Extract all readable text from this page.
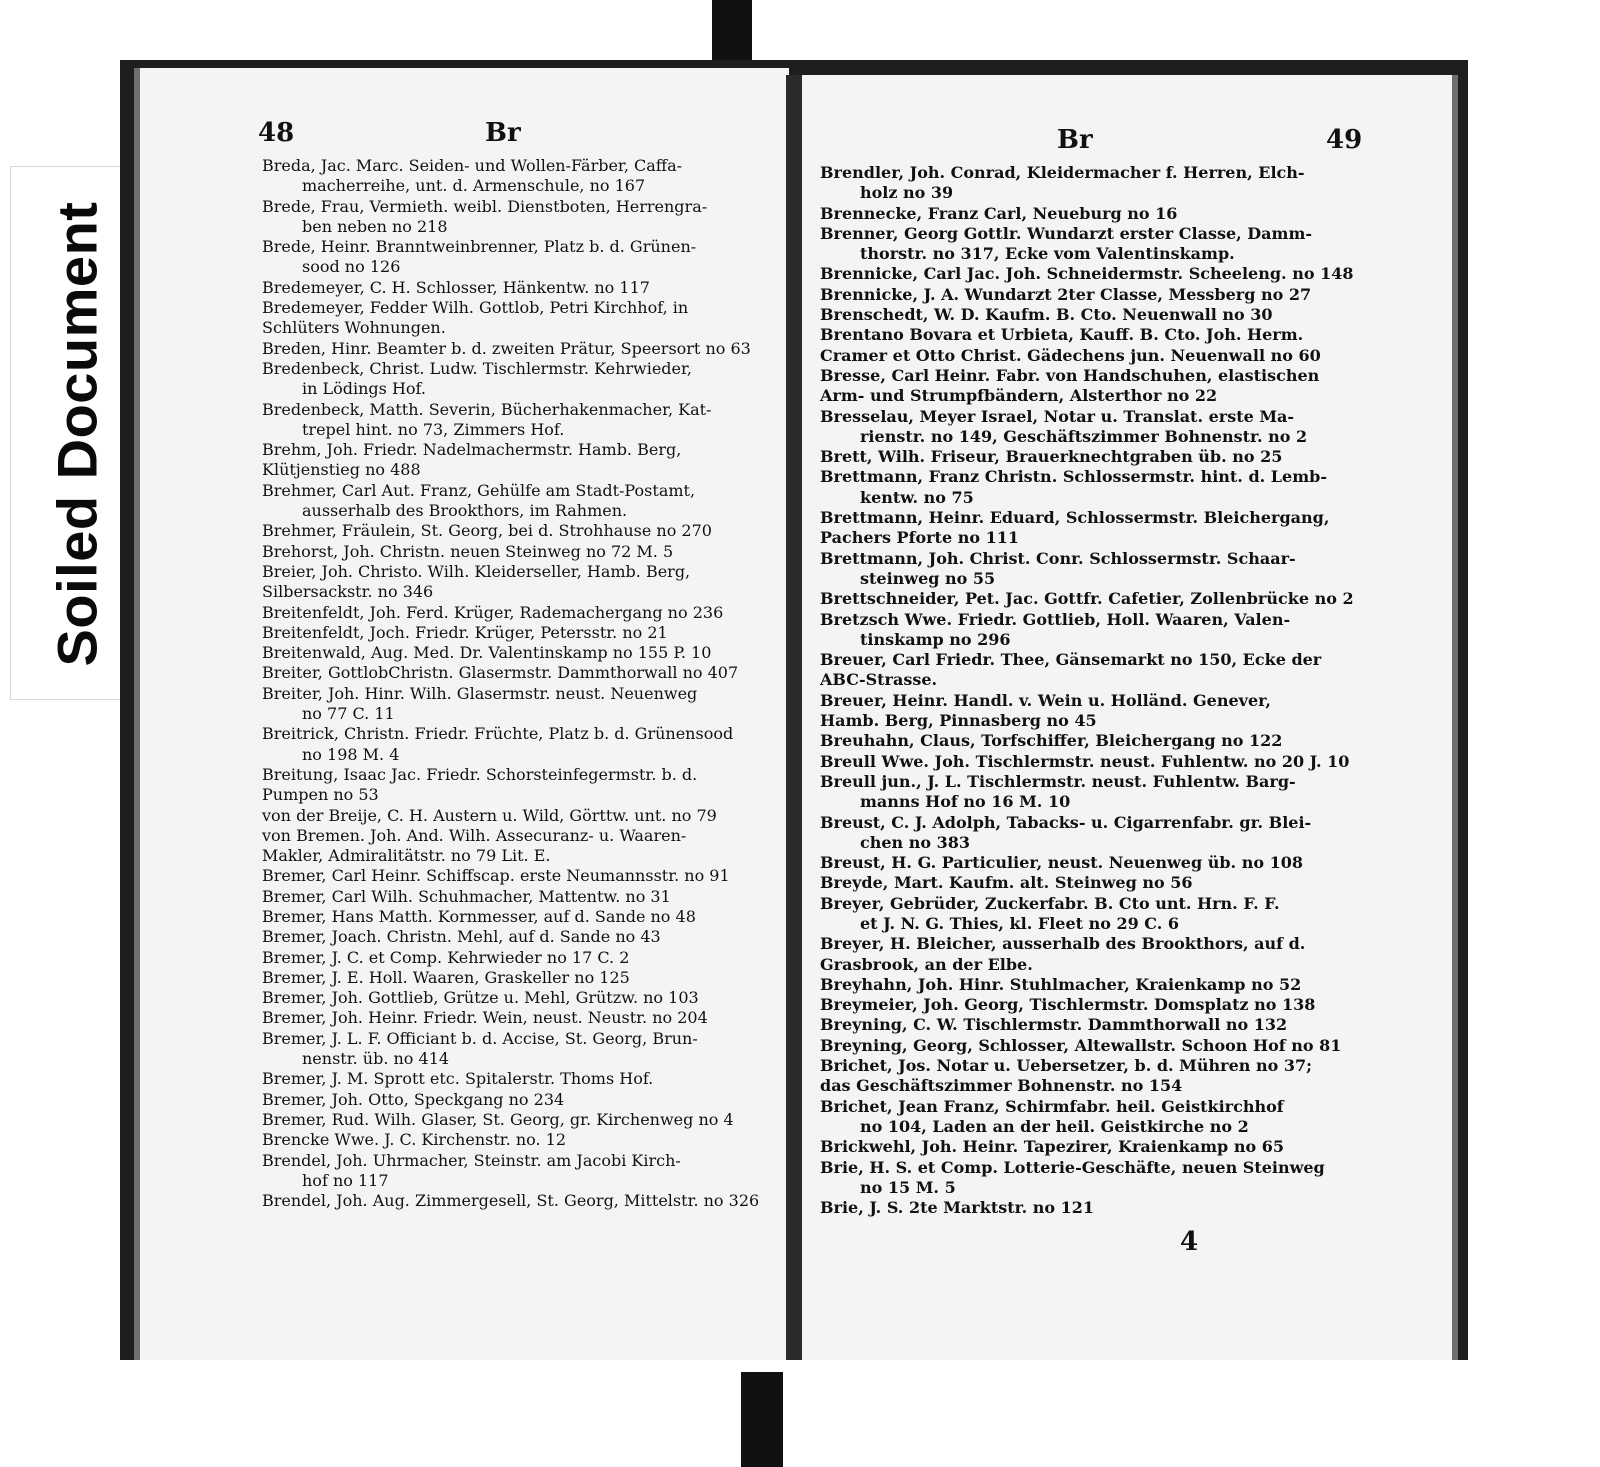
Soiled Document
48	Br
Breda, Jac. Marc. Seiden- und Wollen-Färber, Caffa-
macherreihe, unt. d. Armenschule, no 167
Brede, Frau, Vermieth. weibl. Dienstboten, Herrengra-
ben neben no 218
Brede, Heinr. Branntweinbrenner, Platz b. d. Grünen-
sood no 126
Bredemeyer, C. H. Schlosser, Hänkentw. no 117
Bredemeyer, Fedder Wilh. Gottlob, Petri Kirchhof, in
Schlüters Wohnungen.
Breden, Hinr. Beamter b. d. zweiten Prätur, Speersort no 63
Bredenbeck, Christ. Ludw. Tischlermstr. Kehrwieder,
in Lödings Hof.
Bredenbeck, Matth. Severin, Bücherhakenmacher, Kat-
trepel hint. no 73, Zimmers Hof.
Brehm, Joh. Friedr. Nadelmachermstr. Hamb. Berg,
Klütjenstieg no 488
Brehmer, Carl Aut. Franz, Gehülfe am Stadt-Postamt,
ausserhalb des Brookthors, im Rahmen.
Brehmer, Fräulein, St. Georg, bei d. Strohhause no 270
Brehorst, Joh. Christn. neuen Steinweg no 72 M. 5
Breier, Joh. Christo. Wilh. Kleiderseller, Hamb. Berg,
Silbersackstr. no 346
Breitenfeldt, Joh. Ferd. Krüger, Rademachergang no 236
Breitenfeldt, Joch. Friedr. Krüger, Petersstr. no 21
Breitenwald, Aug. Med. Dr. Valentinskamp no 155 P. 10
Breiter, GottlobChristn. Glasermstr. Dammthorwall no 407
Breiter, Joh. Hinr. Wilh. Glasermstr. neust. Neuenweg
no 77 C. 11
Breitrick, Christn. Friedr. Früchte, Platz b. d. Grünensood
no 198 M. 4
Breitung, Isaac Jac. Friedr. Schorsteinfegermstr. b. d.
Pumpen no 53
von der Breije, C. H. Austern u. Wild, Görttw. unt. no 79
von Bremen. Joh. And. Wilh. Assecuranz- u. Waaren-
Makler, Admiralitätstr. no 79 Lit. E.
Bremer, Carl Heinr. Schiffscap. erste Neumannsstr. no 91
Bremer, Carl Wilh. Schuhmacher, Mattentw. no 31
Bremer, Hans Matth. Kornmesser, auf d. Sande no 48
Bremer, Joach. Christn. Mehl, auf d. Sande no 43
Bremer, J. C. et Comp. Kehrwieder no 17 C. 2
Bremer, J. E. Holl. Waaren, Graskeller no 125
Bremer, Joh. Gottlieb, Grütze u. Mehl, Grützw. no 103
Bremer, Joh. Heinr. Friedr. Wein, neust. Neustr. no 204
Bremer, J. L. F. Officiant b. d. Accise, St. Georg, Brun-
nenstr. üb. no 414
Bremer, J. M. Sprott etc. Spitalerstr. Thoms Hof.
Bremer, Joh. Otto, Speckgang no 234
Bremer, Rud. Wilh. Glaser, St. Georg, gr. Kirchenweg no 4
Brencke Wwe. J. C. Kirchenstr. no. 12
Brendel, Joh. Uhrmacher, Steinstr. am Jacobi Kirch-
hof no 117
Brendel, Joh. Aug. Zimmergesell, St. Georg, Mittelstr. no 326
Br	49
Brendler, Joh. Conrad, Kleidermacher f. Herren, Elch-
holz no 39
Brennecke, Franz Carl, Neueburg no 16
Brenner, Georg Gottlr. Wundarzt erster Classe, Damm-
thorstr. no 317, Ecke vom Valentinskamp.
Brennicke, Carl Jac. Joh. Schneidermstr. Scheeleng. no 148
Brennicke, J. A. Wundarzt 2ter Classe, Messberg no 27
Brenschedt, W. D. Kaufm. B. Cto. Neuenwall no 30
Brentano Bovara et Urbieta, Kauff. B. Cto. Joh. Herm.
Cramer et Otto Christ. Gädechens jun. Neuenwall no 60
Bresse, Carl Heinr. Fabr. von Handschuhen, elastischen
Arm- und Strumpfbändern, Alsterthor no 22
Bresselau, Meyer Israel, Notar u. Translat. erste Ma-
rienstr. no 149, Geschäftszimmer Bohnenstr. no 2
Brett, Wilh. Friseur, Brauerknechtgraben üb. no 25
Brettmann, Franz Christn. Schlossermstr. hint. d. Lemb-
kentw. no 75
Brettmann, Heinr. Eduard, Schlossermstr. Bleichergang,
Pachers Pforte no 111
Brettmann, Joh. Christ. Conr. Schlossermstr. Schaar-
steinweg no 55
Brettschneider, Pet. Jac. Gottfr. Cafetier, Zollenbrücke no 2
Bretzsch Wwe. Friedr. Gottlieb, Holl. Waaren, Valen-
tinskamp no 296
Breuer, Carl Friedr. Thee, Gänsemarkt no 150, Ecke der
ABC-Strasse.
Breuer, Heinr. Handl. v. Wein u. Holländ. Genever,
Hamb. Berg, Pinnasberg no 45
Breuhahn, Claus, Torfschiffer, Bleichergang no 122
Breull Wwe. Joh. Tischlermstr. neust. Fuhlentw. no 20 J. 10
Breull jun., J. L. Tischlermstr. neust. Fuhlentw. Barg-
manns Hof no 16 M. 10
Breust, C. J. Adolph, Tabacks- u. Cigarrenfabr. gr. Blei-
chen no 383
Breust, H. G. Particulier, neust. Neuenweg üb. no 108
Breyde, Mart. Kaufm. alt. Steinweg no 56
Breyer, Gebrüder, Zuckerfabr. B. Cto unt. Hrn. F. F.
et J. N. G. Thies, kl. Fleet no 29 C. 6
Breyer, H. Bleicher, ausserhalb des Brookthors, auf d.
Grasbrook, an der Elbe.
Breyhahn, Joh. Hinr. Stuhlmacher, Kraienkamp no 52
Breymeier, Joh. Georg, Tischlermstr. Domsplatz no 138
Breyning, C. W. Tischlermstr. Dammthorwall no 132
Breyning, Georg, Schlosser, Altewallstr. Schoon Hof no 81
Brichet, Jos. Notar u. Uebersetzer, b. d. Mühren no 37;
das Geschäftszimmer Bohnenstr. no 154
Brichet, Jean Franz, Schirmfabr. heil. Geistkirchhof
no 104, Laden an der heil. Geistkirche no 2
Brickwehl, Joh. Heinr. Tapezirer, Kraienkamp no 65
Brie, H. S. et Comp. Lotterie-Geschäfte, neuen Steinweg
no 15 M. 5
Brie, J. S. 2te Marktstr. no 121
4
